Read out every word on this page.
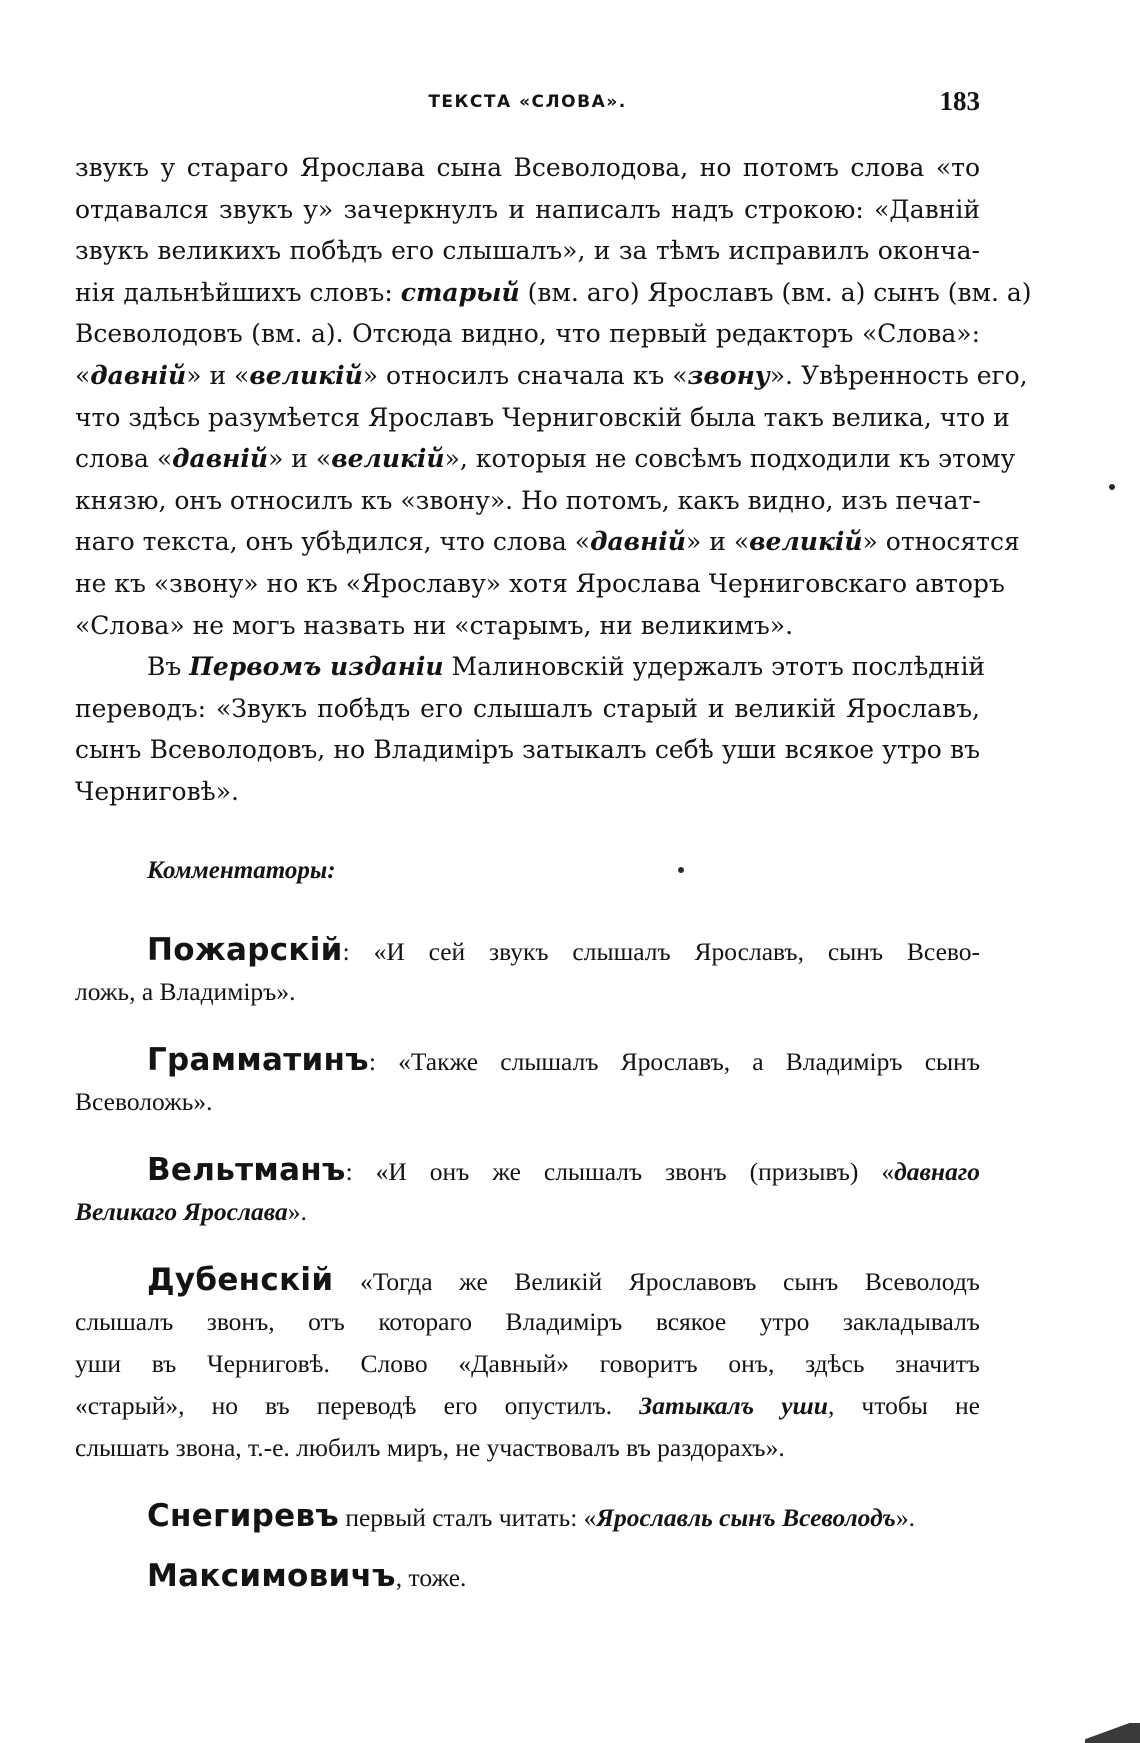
ТЕКСТА «СЛОВА».	183
звукъ у стараго Ярослава сына Всеволодова, но потомъ слова «то
отдавался звукъ у» зачеркнулъ и написалъ надъ строкою: «Давній
звукъ великихъ побѣдъ его слышалъ», и за тѣмъ исправилъ оконча-
нія дальнѣйшихъ словъ: старый (вм. аго) Ярославъ (вм. а) сынъ (вм. а)
Всеволодовъ (вм. а). Отсюда видно, что первый редакторъ «Слова»:
«давній» и «великій» относилъ сначала къ «звону». Увѣренность его,
что здѣсь разумѣется Ярославъ Черниговскій была такъ велика, что и
слова «давній» и «великій», которыя не совсѣмъ подходили къ этому
князю, онъ относилъ къ «звону». Но потомъ, какъ видно, изъ печат-
наго текста, онъ убѣдился, что слова «давній» и «великій» относятся
не къ «звону» но къ «Ярославу» хотя Ярослава Черниговскаго авторъ
«Слова» не могъ назвать ни «старымъ, ни великимъ».
Въ Первомъ изданіи Малиновскій удержалъ этотъ послѣдній
переводъ: «Звукъ побѣдъ его слышалъ старый и великій Ярославъ,
сынъ Всеволодовъ, но Владиміръ затыкалъ себѣ уши всякое утро въ
Черниговѣ».
Комментаторы:
Пожарскій: «И сей звукъ слышалъ Ярославъ, сынъ Всево-
ложь, а Владиміръ».
Грамматинъ: «Также слышалъ Ярославъ, а Владиміръ сынъ
Всеволожь».
Вельтманъ: «И онъ же слышалъ звонъ (призывъ) «давнаго
Великаго Ярослава».
Дубенскій «Тогда же Великій Ярославовъ сынъ Всеволодъ
слышалъ звонъ, отъ котораго Владиміръ всякое утро закладывалъ
уши въ Черниговѣ. Слово «Давный» говоритъ онъ, здѣсь значитъ
«старый», но въ переводѣ его опустилъ. Затыкалъ уши, чтобы не
слышать звона, т.-е. любилъ миръ, не участвовалъ въ раздорахъ».
Снегиревъ первый сталъ читать: «Ярославль сынъ Всеволодъ».
Максимовичъ, тоже.
